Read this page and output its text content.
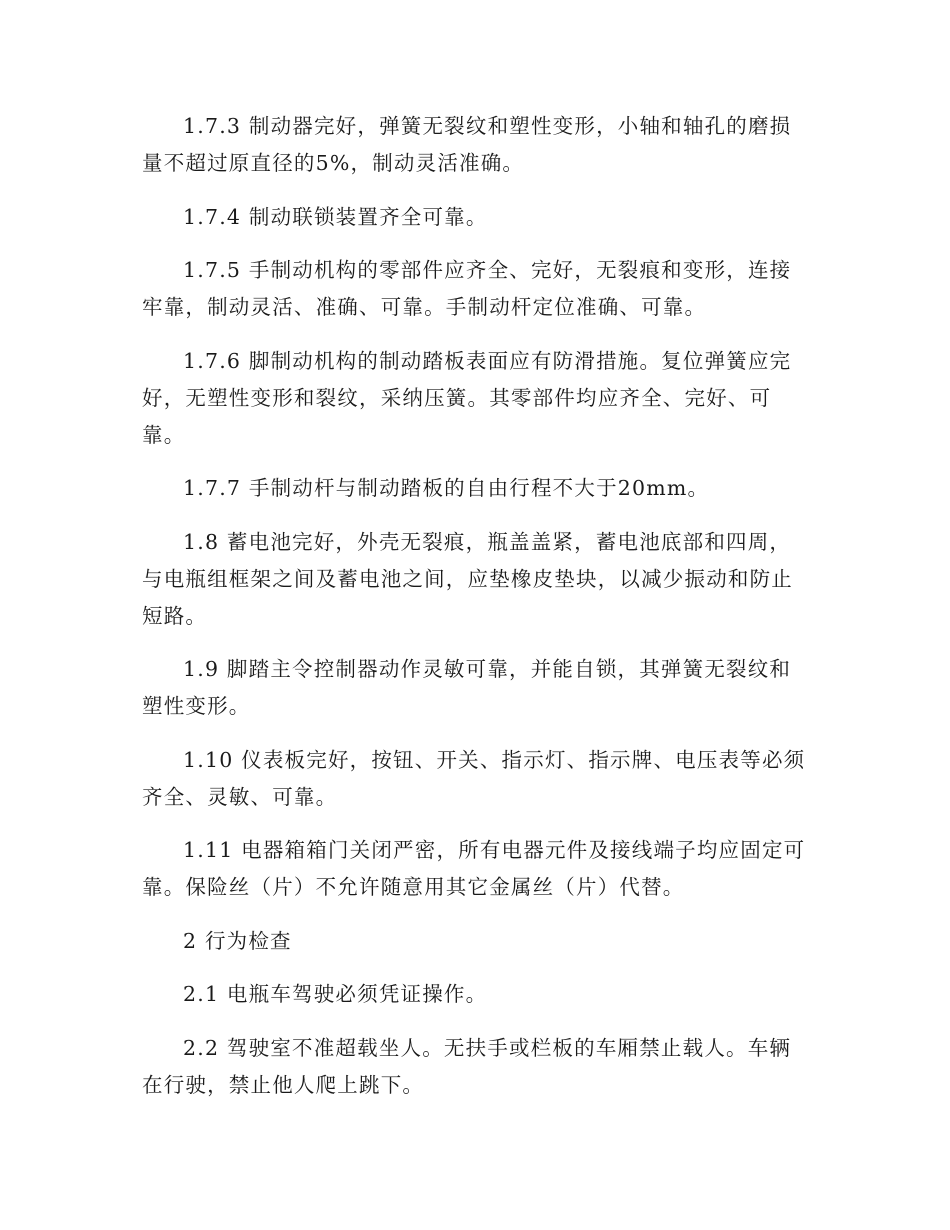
1.7.3 制动器完好，弹簧无裂纹和塑性变形，小轴和轴孔的磨损量不超过原直径的5%，制动灵活准确。

1.7.4 制动联锁装置齐全可靠。

1.7.5 手制动机构的零部件应齐全、完好，无裂痕和变形，连接牢靠，制动灵活、准确、可靠。手制动杆定位准确、可靠。

1.7.6 脚制动机构的制动踏板表面应有防滑措施。复位弹簧应完好，无塑性变形和裂纹，采纳压簧。其零部件均应齐全、完好、可靠。

1.7.7 手制动杆与制动踏板的自由行程不大于20mm。

1.8 蓄电池完好，外壳无裂痕，瓶盖盖紧，蓄电池底部和四周，与电瓶组框架之间及蓄电池之间，应垫橡皮垫块，以减少振动和防止短路。

1.9 脚踏主令控制器动作灵敏可靠，并能自锁，其弹簧无裂纹和塑性变形。

1.10 仪表板完好，按钮、开关、指示灯、指示牌、电压表等必须齐全、灵敏、可靠。

1.11 电器箱箱门关闭严密，所有电器元件及接线端子均应固定可靠。保险丝（片）不允许随意用其它金属丝（片）代替。

2 行为检查

2.1 电瓶车驾驶必须凭证操作。

2.2 驾驶室不准超载坐人。无扶手或栏板的车厢禁止载人。车辆在行驶，禁止他人爬上跳下。
